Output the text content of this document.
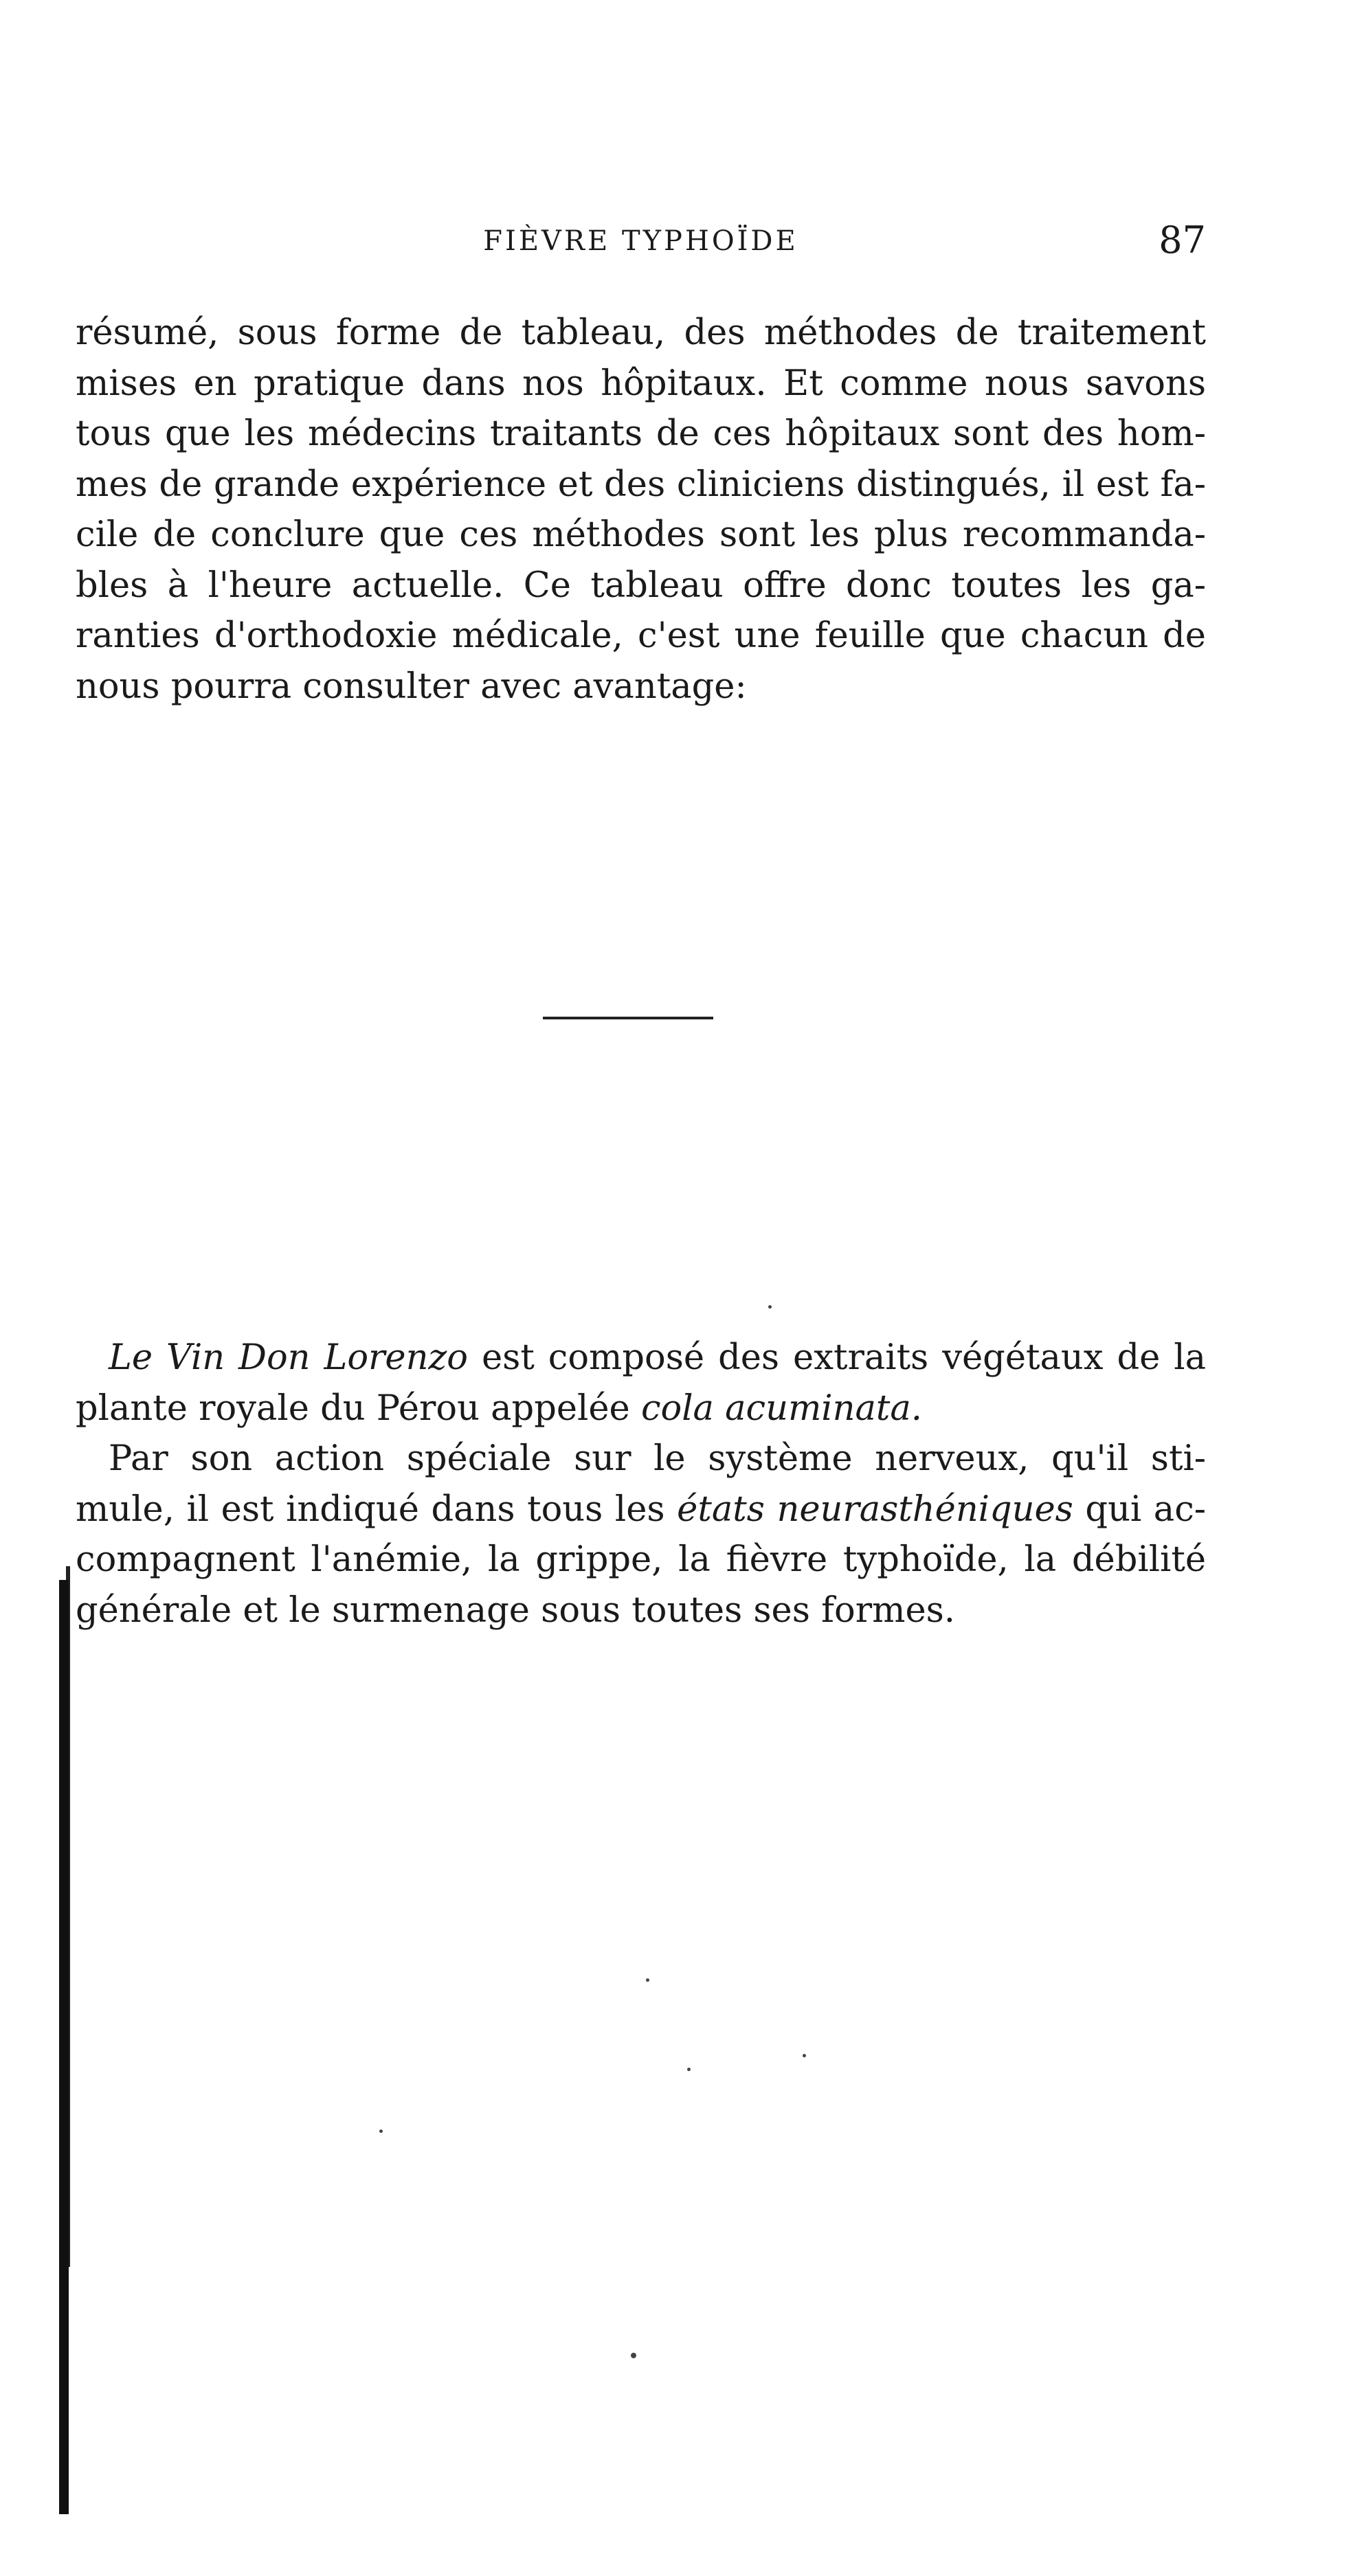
FIÈVRE TYPHOÏDE	87
résumé, sous forme de tableau, des méthodes de traitement
mises en pratique dans nos hôpitaux. Et comme nous savons
tous que les médecins traitants de ces hôpitaux sont des hom-
mes de grande expérience et des cliniciens distingués, il est fa-
cile de conclure que ces méthodes sont les plus recommanda-
bles à l'heure actuelle. Ce tableau offre donc toutes les ga-
ranties d'orthodoxie médicale, c'est une feuille que chacun de
nous pourra consulter avec avantage:
Le Vin Don Lorenzo est composé des extraits végétaux de la
plante royale du Pérou appelée cola acuminata.
Par son action spéciale sur le système nerveux, qu'il sti-
mule, il est indiqué dans tous les états neurasthéniques qui ac-
compagnent l'anémie, la grippe, la fièvre typhoïde, la débilité
générale et le surmenage sous toutes ses formes.
